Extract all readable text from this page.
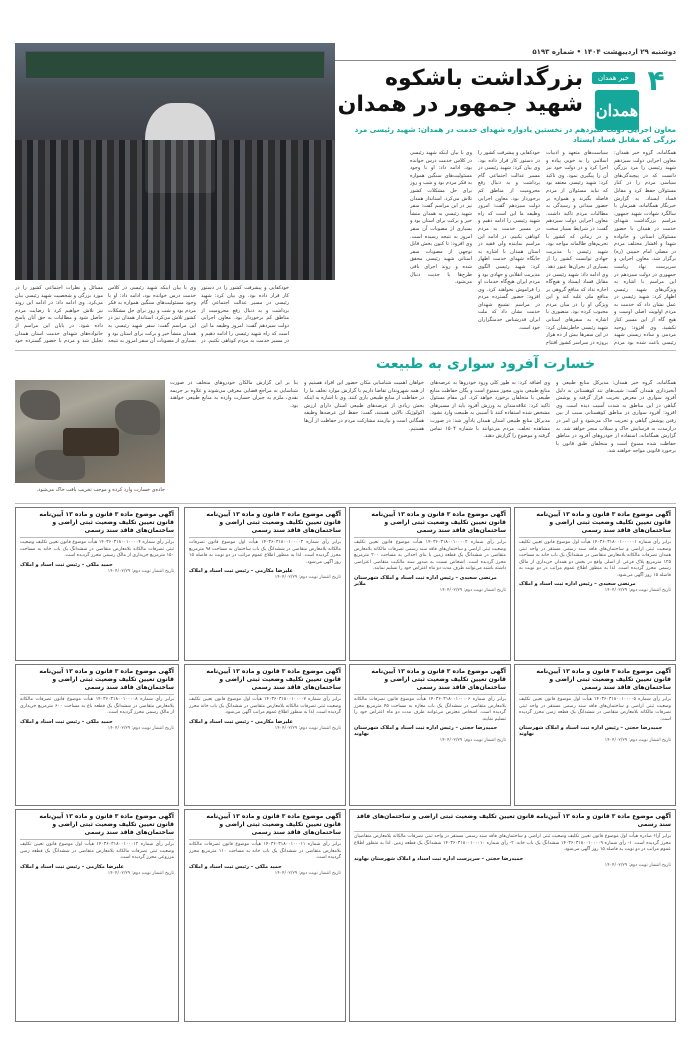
دوشنبه ۲۹ اردیبهشت ۱۴۰۴ • شماره ۵۱۹۳
۴
خبر همدان
همدان
بزرگداشت باشکوه
شهید جمهور در همدان
معاون اجرایی دولت سیزدهم در نخستین یادواره شهدای خدمت در همدان: شهید رئیسی مرد بزرگی که مقابل فساد ایستاد

همگامانه، گروه خبر همدان: معاون اجرایی دولت سیزدهم شهید رئیسی را مرد بزرگی دانست که در پیچیدگی‌های سیاسی مردم را در کنار مسئولان حفظ کرد و مقابل فساد ایستاد. به گزارش خبرنگار همگامانه، همزمان با سالگرد شهادت شهید جمهور، مراسم بزرگداشت شهدای خدمت در همدان با حضور مسئولان استانی و خانواده شهدا و اقشار مختلف مردم در مصلی امام خمینی (ره) برگزار شد. معاون اجرایی و سرپرست نهاد ریاست جمهوری در دولت سیزدهم در این مراسم با اشاره به ویژگی‌های شهید رئیسی اظهار کرد: شهید رئیسی در عمل نشان داد که خدمت به مردم اولویت اصلی اوست و هیچ گاه از این مسیر کنار نکشید. وی افزود: روحیه مردمی و ساده زیستی شهید رئیسی باعث شده بود مردم

سیاست‌های متعهد و ادبیات اسلامی را به خوبی پیاده و اجرا کرد و در دولت خود نیز آن را پیگیری نمود. وی تاکید کرد: شهید رئیسی معتقد بود که نباید مسئولان از مردم فاصله بگیرند و همواره بر حضور میدانی و رسیدگی به مطالبات مردم تاکید داشت. معاون اجرایی دولت سیزدهم گفت: در شرایط بسیار سخت و در زمانی که کشور با تحریم‌های ظالمانه مواجه بود، شهید رئیسی با مدیریت جهادی توانست کشور را از بسیاری از بحران‌ها عبور دهد. وی ادامه داد: شهید رئیسی در مقابل فساد ایستاد و هیچ‌گاه اجازه نداد که منافع گروهی بر منافع ملی غلبه کند و این ویژگی او را در میان مردم محبوب کرده بود. منصوری با اشاره به سفرهای استانی شهید رئیسی خاطرنشان کرد: در این سفرها بیش از ده هزار پروژه در سراسر کشور افتتاح

خودکفایی و پیشرفت کشور را در دستور کار قرار داده بود. وی بیان کرد: شهید رئیسی در مسیر عدالت اجتماعی گام برداشت و به دنبال رفع محرومیت از مناطق کم برخوردار بود. معاون اجرایی دولت سیزدهم گفت: امروز وظیفه ما این است که راه شهید رئیسی را ادامه دهیم و در مسیر خدمت به مردم کوتاهی نکنیم. در ادامه این مراسم نماینده ولی فقیه در استان همدان با اشاره به جایگاه شهدای خدمت اظهار کرد: شهید رئیسی الگوی مدیریت انقلابی و جهادی بود و مردم ایران هیچ‌گاه خدمات او را فراموش نخواهند کرد. وی افزود: حضور گسترده مردم در مراسم تشییع شهدای خدمت نشان داد که ملت ایران قدرشناس خدمتگزاران خود است.

وی با بیان اینکه شهید رئیسی در کلاس خدمت درس خوانده بود، ادامه داد: او با وجود مسئولیت‌های سنگین همواره به فکر مردم بود و شب و روز برای حل مشکلات کشور تلاش می‌کرد. استاندار همدان نیز در این مراسم گفت: سفر شهید رئیسی به همدان منشأ خیر و برکت برای استان بود و بسیاری از مصوبات آن سفر امروز به نتیجه رسیده است. وی افزود: تا کنون بخش قابل توجهی از مصوبات سفر استانی شهید رئیسی محقق شده و روند اجرای باقی طرح‌ها با جدیت دنبال می‌شود.

مسائل و نظرات اجتماعی کشور را در مورد بزرگی و شخصیت شهید رئیسی بیان می‌کرد. وی ادامه داد: در ادامه این روند نیز تلاش خواهیم کرد تا رضایت مردم حاصل شود و مطالبات به حق آنان پاسخ داده شود. در پایان این مراسم از خانواده‌های شهدای خدمت استان همدان تجلیل شد و مردم با حضور گسترده خود

وی با بیان اینکه شهید رئیسی در کلاس خدمت درس خوانده بود، ادامه داد: او با وجود مسئولیت‌های سنگین همواره به فکر مردم بود و شب و روز برای حل مشکلات کشور تلاش می‌کرد. استاندار همدان نیز در این مراسم گفت: سفر شهید رئیسی به همدان منشأ خیر و برکت برای استان بود و بسیاری از مصوبات آن سفر امروز به نتیجه

خودکفایی و پیشرفت کشور را در دستور کار قرار داده بود. وی بیان کرد: شهید رئیسی در مسیر عدالت اجتماعی گام برداشت و به دنبال رفع محرومیت از مناطق کم برخوردار بود. معاون اجرایی دولت سیزدهم گفت: امروز وظیفه ما این است که راه شهید رئیسی را ادامه دهیم و در مسیر خدمت به مردم کوتاهی نکنیم. در

خسارت آفرود سواری به طبیعت

همگامانه، گروه خبر همدان: مدیرکل منابع طبیعی و آبخیزداری همدان گفت: شیب‌های تند کوهستانی به دلیل آفرود سواری در معرض تخریب قرار گرفته و پوشش گیاهی در این مناطق به شدت آسیب دیده است. وی افزود: آفرود سواری در مناطق کوهستانی سبب از بین رفتن پوشش گیاهی و تخریب خاک می‌شود و این امر در درازمدت به فرسایش خاک و سیلاب منجر خواهد شد. به گزارش همگامانه، استفاده از خودروهای آفرود در مناطق حفاظت شده ممنوع است و متخلفان طبق قانون با برخورد قانونی مواجه خواهند شد.

وی اضافه کرد: به طور کلی ورود خودروها به عرصه‌های منابع طبیعی بدون مجوز ممنوع است و یگان حفاظت منابع طبیعی با متخلفان برخورد خواهد کرد. این مقام مسئول تاکید کرد: علاقه‌مندان به ورزش آفرود باید از مسیرهای مشخص شده استفاده کنند تا آسیبی به طبیعت وارد نشود. مدیرکل منابع طبیعی استان همدان یادآور شد: در صورت مشاهده تخلف، مردم می‌توانند با شماره ۱۵۰۴ تماس گرفته و موضوع را گزارش دهند.

خواهان اهمیت شناسایی مکان حضور این افراد هستیم و از همه شهروندان تقاضا داریم با گزارش موارد تخلف ما را در حفاظت از منابع طبیعی یاری کنند. وی با اشاره به اینکه بخش زیادی از عرصه‌های طبیعی استان دارای ارزش اکولوژیک بالایی هستند، گفت: حفظ این عرصه‌ها وظیفه همگانی است و نیازمند مشارکت مردم در حفاظت از آن‌ها هستیم.

بنا بر این گزارش مالکان خودروهای متخلف در صورت شناسایی به مراجع قضایی معرفی می‌شوند و علاوه بر جریمه نقدی، ملزم به جبران خسارت وارده به منابع طبیعی خواهند بود.

جاده‌ی خسارت وارد کرده و موجب تخریب بافت خاک می‌شود.
آگهی موضوع ماده ۳ قانون و ماده ۱۳ آیین‌نامه قانون تعیین تکلیف وضعیت ثبتی اراضی و ساختمان‌های فاقد سند رسمی
برابر رأی شماره ۱۴۰۳۶۰۳۱۸۰۰۱۰۰۰۰۰۱ هیأت اول موضوع قانون تعیین تکلیف وضعیت ثبتی اراضی و ساختمان‌های فاقد سند رسمی مستقر در واحد ثبتی همدان تصرفات مالکانه بلامعارض متقاضی در ششدانگ یک باب خانه به مساحت ۱۲۵ مترمربع پلاک فرعی از اصلی واقع در بخش دو همدان خریداری از مالک رسمی محرز گردیده است. لذا به منظور اطلاع عموم مراتب در دو نوبت به فاصله ۱۵ روز آگهی می‌شود.
مرتضی سعیدی – رئیس اداره ثبت اسناد و املاک
تاریخ انتشار نوبت دوم: ۱۴۰۴/۰۲/۲۹
آگهی موضوع ماده ۳ قانون و ماده ۱۳ آیین‌نامه قانون تعیین تکلیف وضعیت ثبتی اراضی و ساختمان‌های فاقد سند رسمی
برابر رأی شماره ۱۴۰۳۶۰۳۱۸۰۰۱۰۰۰۰۲ هیأت موضوع قانون تعیین تکلیف وضعیت ثبتی اراضی و ساختمان‌های فاقد سند رسمی تصرفات مالکانه بلامعارض متقاضی در ششدانگ یک قطعه زمین با بنای احداثی به مساحت ۲۰۰ مترمربع محرز گردیده است. اشخاص نسبت به صدور سند مالکیت متقاضی اعتراضی داشته باشند می‌توانند ظرف مدت دو ماه اعتراض خود را تسلیم نمایند.
مرتضی سعیدی – رئیس اداره ثبت اسناد و املاک شهرستان ملایر
تاریخ انتشار نوبت دوم: ۱۴۰۴/۰۲/۲۹
آگهی موضوع ماده ۳ قانون و ماده ۱۳ آیین‌نامه قانون تعیین تکلیف وضعیت ثبتی اراضی و ساختمان‌های فاقد سند رسمی
برابر رأی شماره ۱۴۰۳۶۰۳۱۸۰۰۱۰۰۰۰۳ هیأت اول موضوع قانون تصرفات مالکانه بلامعارض متقاضی در ششدانگ یک باب ساختمان به مساحت ۹۸ مترمربع محرز گردیده است. لذا به منظور اطلاع عموم مراتب در دو نوبت به فاصله ۱۵ روز آگهی می‌شود.
علیرضا مکارمی – رئیس ثبت اسناد و املاک
تاریخ انتشار نوبت دوم: ۱۴۰۴/۰۲/۲۹
آگهی موضوع ماده ۳ قانون و ماده ۱۳ آیین‌نامه قانون تعیین تکلیف وضعیت ثبتی اراضی و ساختمان‌های فاقد سند رسمی
برابر رأی شماره ۱۴۰۳۶۰۳۱۸۰۰۱۰۰۰۰۴ هیأت موضوع قانون تعیین تکلیف وضعیت ثبتی تصرفات مالکانه بلامعارض متقاضی در ششدانگ یک باب خانه به مساحت ۱۵۰ مترمربع خریداری از مالک رسمی محرز گردیده است.
حمید ملکی – رئیس ثبت اسناد و املاک
تاریخ انتشار نوبت دوم: ۱۴۰۴/۰۲/۲۹
آگهی موضوع ماده ۳ قانون و ماده ۱۳ آیین‌نامه قانون تعیین تکلیف وضعیت ثبتی اراضی و ساختمان‌های فاقد سند رسمی
برابر رأی شماره ۱۴۰۳۶۰۳۱۸۰۰۱۰۰۰۰۵ هیأت اول موضوع قانون تعیین تکلیف وضعیت ثبتی اراضی و ساختمان‌های فاقد سند رسمی مستقر در واحد ثبتی تصرفات مالکانه بلامعارض متقاضی در ششدانگ یک قطعه زمین محرز گردیده است.
حمیدرضا حجتی – رئیس اداره ثبت اسناد و املاک شهرستان نهاوند
تاریخ انتشار نوبت دوم: ۱۴۰۴/۰۲/۲۹
آگهی موضوع ماده ۳ قانون و ماده ۱۳ آیین‌نامه قانون تعیین تکلیف وضعیت ثبتی اراضی و ساختمان‌های فاقد سند رسمی
برابر رأی شماره ۱۴۰۳۶۰۳۱۸۰۰۱۰۰۰۰۶ هیأت موضوع قانون تصرفات مالکانه بلامعارض متقاضی در ششدانگ یک باب مغازه به مساحت ۴۵ مترمربع محرز گردیده است. اشخاص معترض می‌توانند ظرف مدت دو ماه اعتراض خود را تسلیم نمایند.
حمیدرضا حجتی – رئیس اداره ثبت اسناد و املاک شهرستان نهاوند
تاریخ انتشار نوبت دوم: ۱۴۰۴/۰۲/۲۹
آگهی موضوع ماده ۳ قانون و ماده ۱۳ آیین‌نامه قانون تعیین تکلیف وضعیت ثبتی اراضی و ساختمان‌های فاقد سند رسمی
برابر رأی شماره ۱۴۰۳۶۰۳۱۸۰۰۱۰۰۰۰۷ هیأت اول موضوع قانون تعیین تکلیف وضعیت ثبتی تصرفات مالکانه بلامعارض متقاضی در ششدانگ یک باب خانه محرز گردیده است. لذا به منظور اطلاع عموم مراتب آگهی می‌شود.
علیرضا مکارمی – رئیس ثبت اسناد و املاک
تاریخ انتشار نوبت دوم: ۱۴۰۴/۰۲/۲۹
آگهی موضوع ماده ۳ قانون و ماده ۱۳ آیین‌نامه قانون تعیین تکلیف وضعیت ثبتی اراضی و ساختمان‌های فاقد سند رسمی
برابر رأی شماره ۱۴۰۳۶۰۳۱۸۰۰۱۰۰۰۰۸ هیأت موضوع قانون تصرفات مالکانه بلامعارض متقاضی در ششدانگ یک قطعه باغ به مساحت ۶۰۰ مترمربع خریداری از مالک رسمی محرز گردیده است.
حمید ملکی – رئیس ثبت اسناد و املاک
تاریخ انتشار نوبت دوم: ۱۴۰۴/۰۲/۲۹
آگهی موضوع ماده ۳ قانون و ماده ۱۳ آیین‌نامه قانون تعیین تکلیف وضعیت ثبتی اراضی و ساختمان‌های فاقد سند رسمی
برابر آراء صادره هیأت اول موضوع قانون تعیین تکلیف وضعیت ثبتی اراضی و ساختمان‌های فاقد سند رسمی مستقر در واحد ثبتی تصرفات مالکانه بلامعارض متقاضیان محرز گردیده است. ۱- رأی شماره ۱۴۰۳۶۰۳۱۸۰۰۱۰۰۰۰۹ ششدانگ یک باب خانه. ۲- رأی شماره ۱۴۰۳۶۰۳۱۸۰۰۱۰۰۰۱۰ ششدانگ یک قطعه زمین. لذا به منظور اطلاع عموم مراتب در دو نوبت به فاصله ۱۵ روز آگهی می‌شود.
حمیدرضا حجتی – سرپرست اداره ثبت اسناد و املاک شهرستان نهاوند
تاریخ انتشار نوبت دوم: ۱۴۰۴/۰۲/۲۹
آگهی موضوع ماده ۳ قانون و ماده ۱۳ آیین‌نامه قانون تعیین تکلیف وضعیت ثبتی اراضی و ساختمان‌های فاقد سند رسمی
برابر رأی شماره ۱۴۰۳۶۰۳۱۸۰۰۱۰۰۰۱۱ هیأت موضوع قانون تصرفات مالکانه بلامعارض متقاضی در ششدانگ یک باب خانه به مساحت ۱۱۰ مترمربع محرز گردیده است.
حمید ملکی – رئیس ثبت اسناد و املاک
تاریخ انتشار نوبت دوم: ۱۴۰۴/۰۲/۲۹
آگهی موضوع ماده ۳ قانون و ماده ۱۳ آیین‌نامه قانون تعیین تکلیف وضعیت ثبتی اراضی و ساختمان‌های فاقد سند رسمی
برابر رأی شماره ۱۴۰۳۶۰۳۱۸۰۰۱۰۰۰۱۲ هیأت اول موضوع قانون تعیین تکلیف وضعیت ثبتی تصرفات مالکانه بلامعارض متقاضی در ششدانگ یک قطعه زمین مزروعی محرز گردیده است.
علیرضا مکارمی – رئیس ثبت اسناد و املاک
تاریخ انتشار نوبت دوم: ۱۴۰۴/۰۲/۲۹
